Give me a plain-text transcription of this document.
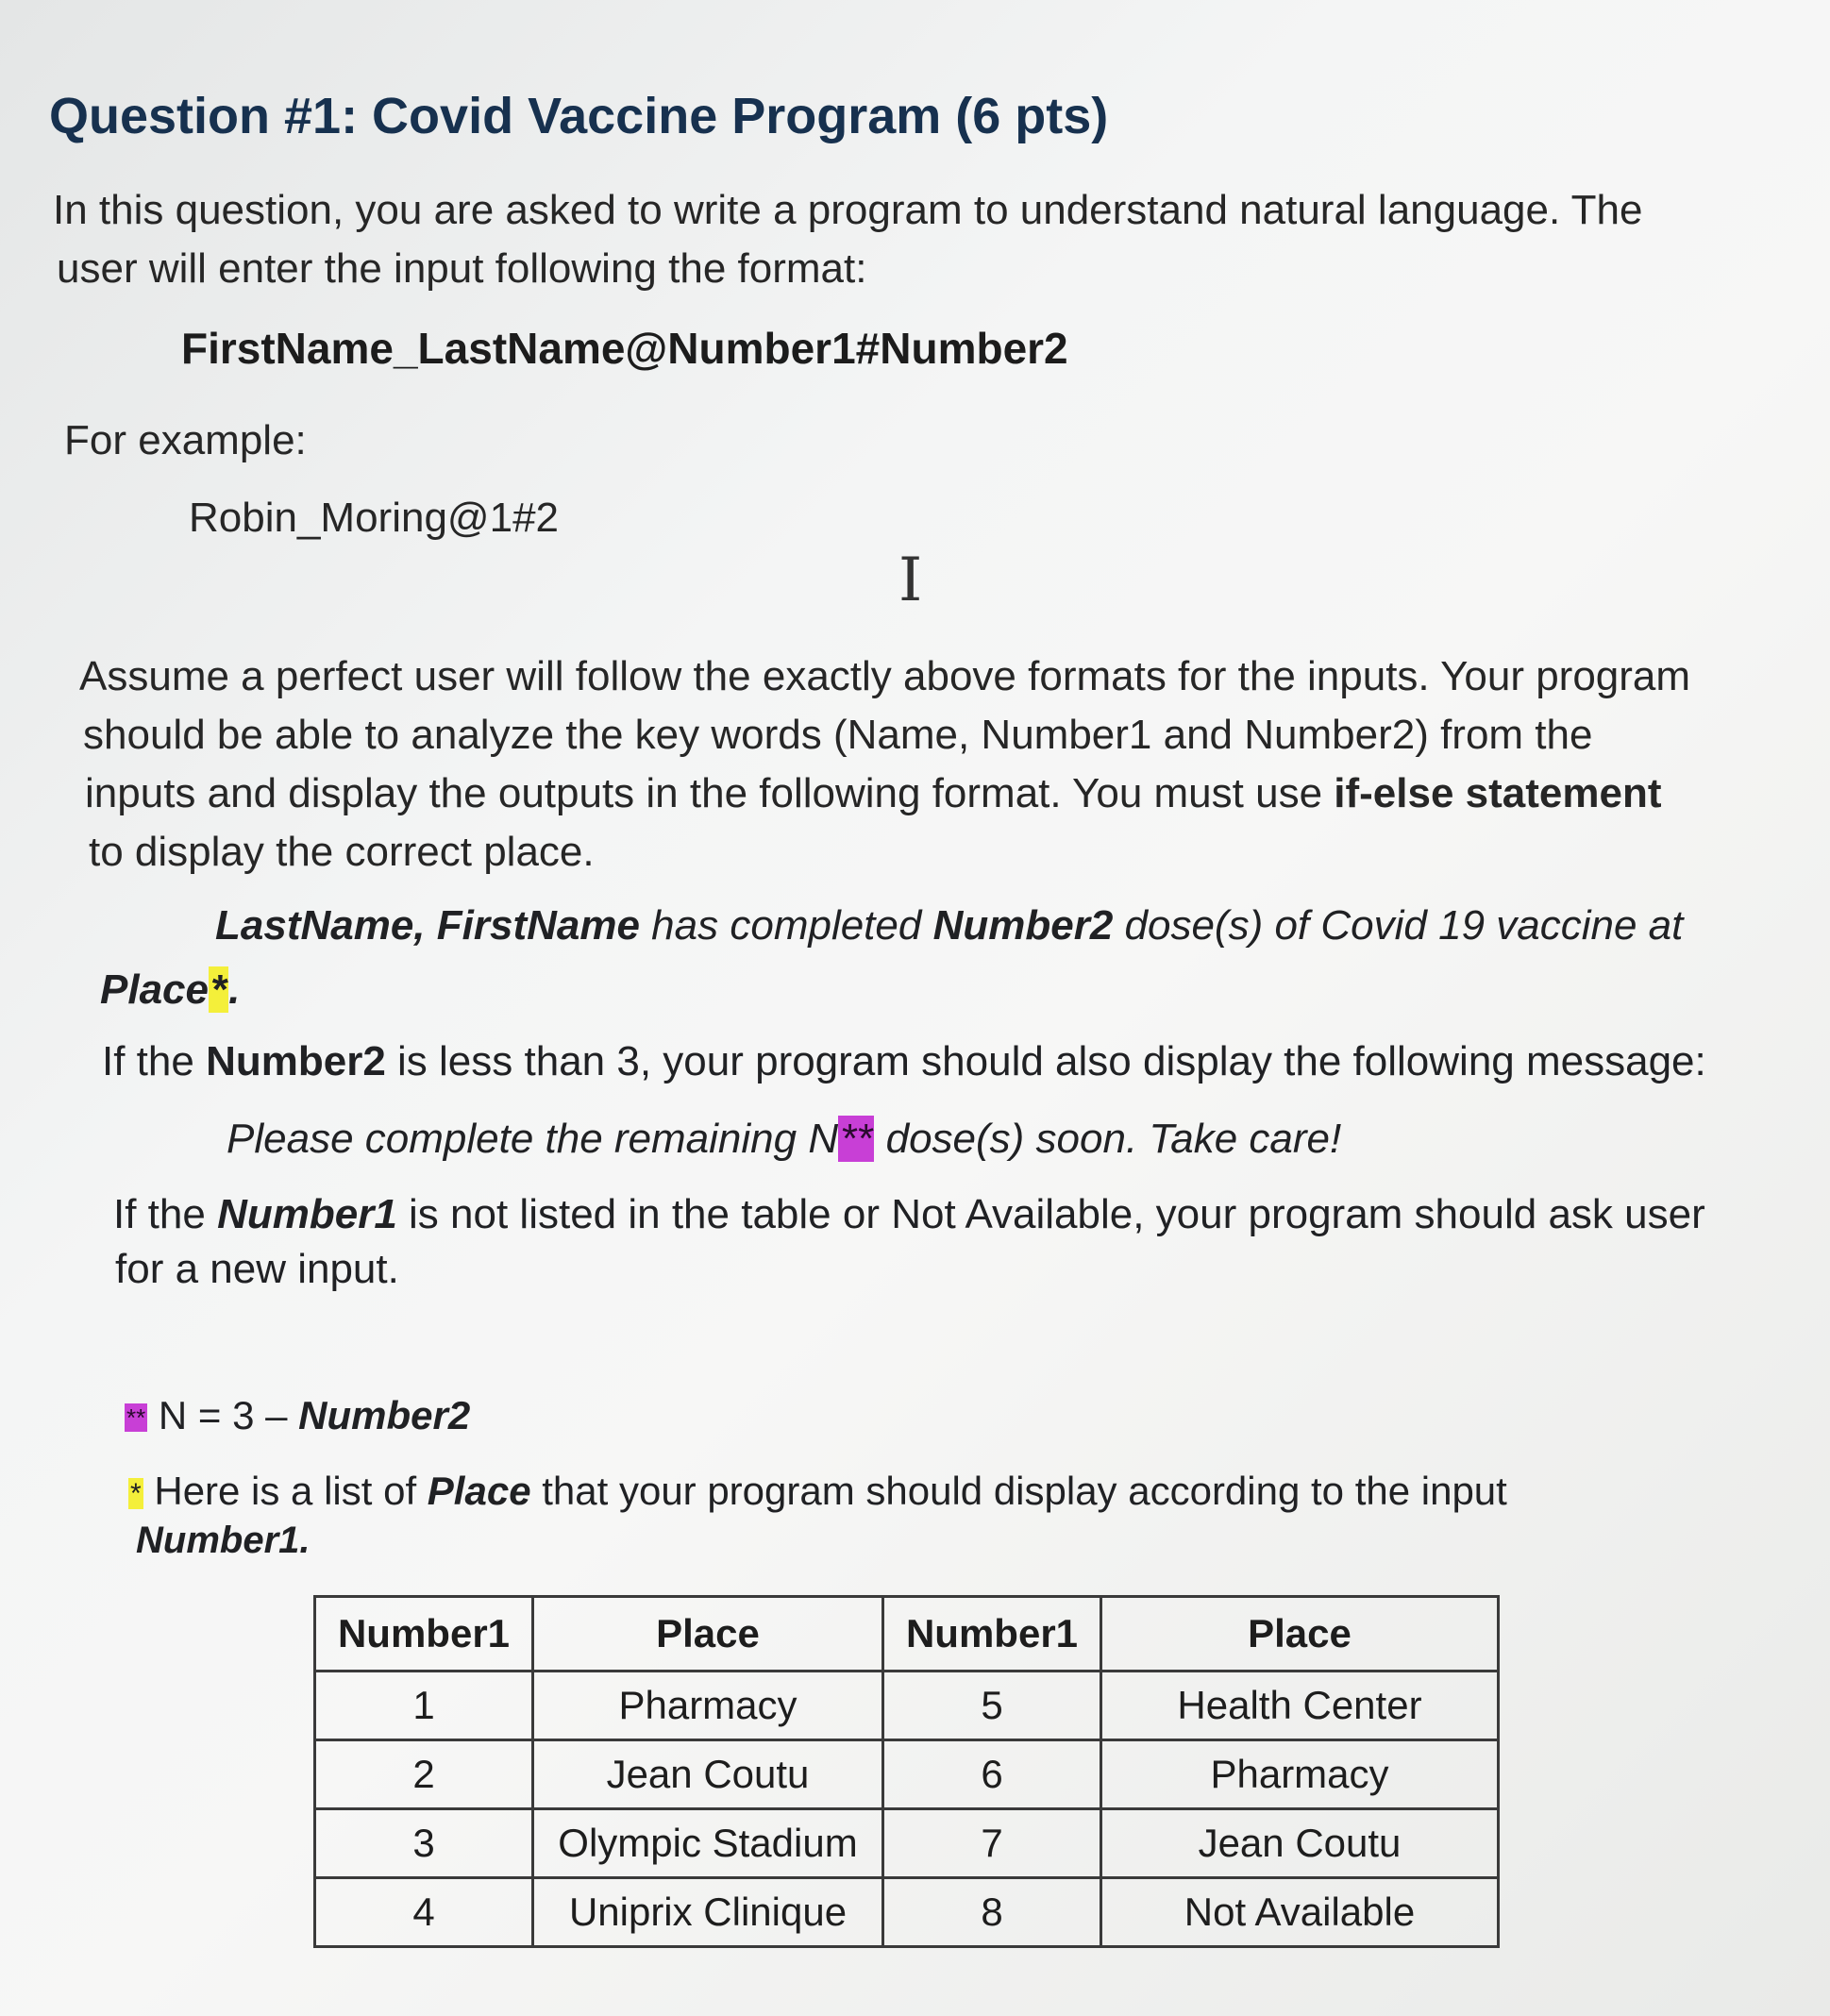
Question #1: Covid Vaccine Program (6 pts)
In this question, you are asked to write a program to understand natural language. The
user will enter the input following the format:
FirstName_LastName@Number1#Number2
For example:
Robin_Moring@1#2
I
Assume a perfect user will follow the exactly above formats for the inputs. Your program
should be able to analyze the key words (Name, Number1 and Number2) from the
inputs and display the outputs in the following format. You must use if-else statement
to display the correct place.
LastName, FirstName has completed Number2 dose(s) of Covid 19 vaccine at
Place*.
If the Number2 is less than 3, your program should also display the following message:
Please complete the remaining N** dose(s) soon. Take care!
If the Number1 is not listed in the table or Not Available, your program should ask user
for a new input.
** N = 3 – Number2
* Here is a list of Place that your program should display according to the input
Number1.
Number1	Place	Number1	Place
1	Pharmacy	5	Health Center
2	Jean Coutu	6	Pharmacy
3	Olympic Stadium	7	Jean Coutu
4	Uniprix Clinique	8	Not Available
